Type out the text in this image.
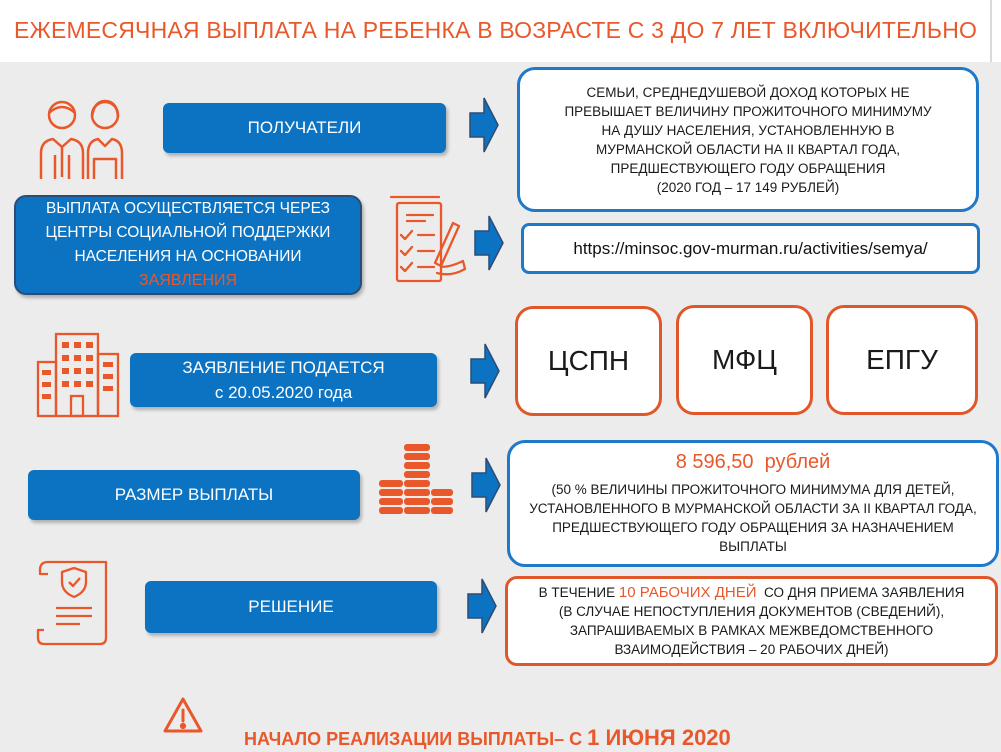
ЕЖЕМЕСЯЧНАЯ ВЫПЛАТА НА РЕБЕНКА В ВОЗРАСТЕ С 3 ДО 7 ЛЕТ ВКЛЮЧИТЕЛЬНО
ПОЛУЧАТЕЛИ
СЕМЬИ, СРЕДНЕДУШЕВОЙ ДОХОД КОТОРЫХ НЕ ПРЕВЫШАЕТ ВЕЛИЧИНУ ПРОЖИТОЧНОГО МИНИМУМУ НА ДУШУ НАСЕЛЕНИЯ, УСТАНОВЛЕННУЮ В МУРМАНСКОЙ ОБЛАСТИ НА II КВАРТАЛ ГОДА, ПРЕДШЕСТВУЮЩЕГО ГОДУ ОБРАЩЕНИЯ
(2020 ГОД – 17 149 РУБЛЕЙ)
ВЫПЛАТА ОСУЩЕСТВЛЯЕТСЯ ЧЕРЕЗ ЦЕНТРЫ СОЦИАЛЬНОЙ ПОДДЕРЖКИ НАСЕЛЕНИЯ НА ОСНОВАНИИ
ЗАЯВЛЕНИЯ
https://minsoc.gov-murman.ru/activities/semya/
ЗАЯВЛЕНИЕ ПОДАЕТСЯ
с 20.05.2020 года
ЦСПН	МФЦ	ЕПГУ
РАЗМЕР ВЫПЛАТЫ
8 596,50  рублей
(50 % ВЕЛИЧИНЫ ПРОЖИТОЧНОГО МИНИМУМА ДЛЯ ДЕТЕЙ, УСТАНОВЛЕННОГО В МУРМАНСКОЙ ОБЛАСТИ ЗА II КВАРТАЛ ГОДА, ПРЕДШЕСТВУЮЩЕГО ГОДУ ОБРАЩЕНИЯ ЗА НАЗНАЧЕНИЕМ ВЫПЛАТЫ
РЕШЕНИЕ
В ТЕЧЕНИЕ 10 РАБОЧИХ ДНЕЙ  СО ДНЯ ПРИЕМА ЗАЯВЛЕНИЯ
(В СЛУЧАЕ НЕПОСТУПЛЕНИЯ ДОКУМЕНТОВ (СВЕДЕНИЙ), ЗАПРАШИВАЕМЫХ В РАМКАХ МЕЖВЕДОМСТВЕННОГО ВЗАИМОДЕЙСТВИЯ – 20 РАБОЧИХ ДНЕЙ)

НАЧАЛО РЕАЛИЗАЦИИ ВЫПЛАТЫ– С 1 ИЮНЯ 2020
